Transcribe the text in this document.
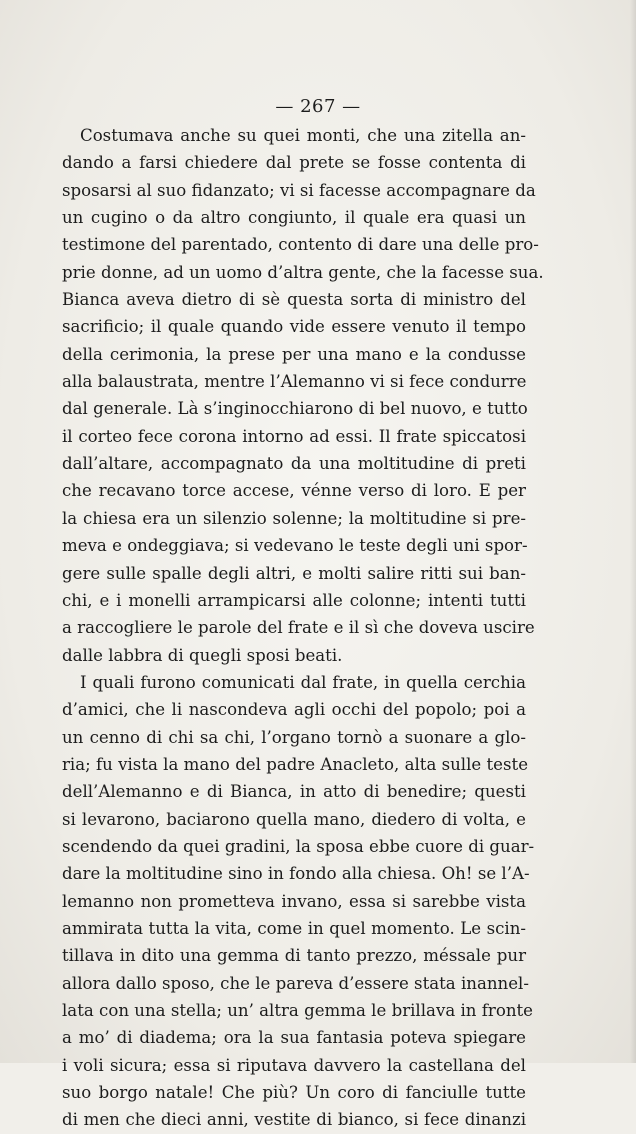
— 267 —
Costumava anche su quei monti, che una zitella an-
dando a farsi chiedere dal prete se fosse contenta di
sposarsi al suo fidanzato; vi si facesse accompagnare da
un cugino o da altro congiunto, il quale era quasi un
testimone del parentado, contento di dare una delle pro-
prie donne, ad un uomo d’altra gente, che la facesse sua.
Bianca aveva dietro di sè questa sorta di ministro del
sacrificio; il quale quando vide essere venuto il tempo
della cerimonia, la prese per una mano e la condusse
alla balaustrata, mentre l’Alemanno vi si fece condurre
dal generale. Là s’inginocchiarono di bel nuovo, e tutto
il corteo fece corona intorno ad essi. Il frate spiccatosi
dall’altare, accompagnato da una moltitudine di preti
che recavano torce accese, vénne verso di loro. E per
la chiesa era un silenzio solenne; la moltitudine si pre-
meva e ondeggiava; si vedevano le teste degli uni spor-
gere sulle spalle degli altri, e molti salire ritti sui ban-
chi, e i monelli arrampicarsi alle colonne; intenti tutti
a raccogliere le parole del frate e il sì che doveva uscire
dalle labbra di quegli sposi beati.
I quali furono comunicati dal frate, in quella cerchia
d’amici, che li nascondeva agli occhi del popolo; poi a
un cenno di chi sa chi, l’organo tornò a suonare a glo-
ria; fu vista la mano del padre Anacleto, alta sulle teste
dell’Alemanno e di Bianca, in atto di benedire; questi
si levarono, baciarono quella mano, diedero di volta, e
scendendo da quei gradini, la sposa ebbe cuore di guar-
dare la moltitudine sino in fondo alla chiesa. Oh! se l’A-
lemanno non prometteva invano, essa si sarebbe vista
ammirata tutta la vita, come in quel momento. Le scin-
tillava in dito una gemma di tanto prezzo, méssale pur
allora dallo sposo, che le pareva d’essere stata inannel-
lata con una stella; un’ altra gemma le brillava in fronte
a mo’ di diadema; ora la sua fantasia poteva spiegare
i voli sicura; essa si riputava davvero la castellana del
suo borgo natale! Che più? Un coro di fanciulle tutte
di men che dieci anni, vestite di bianco, si fece dinanzi
